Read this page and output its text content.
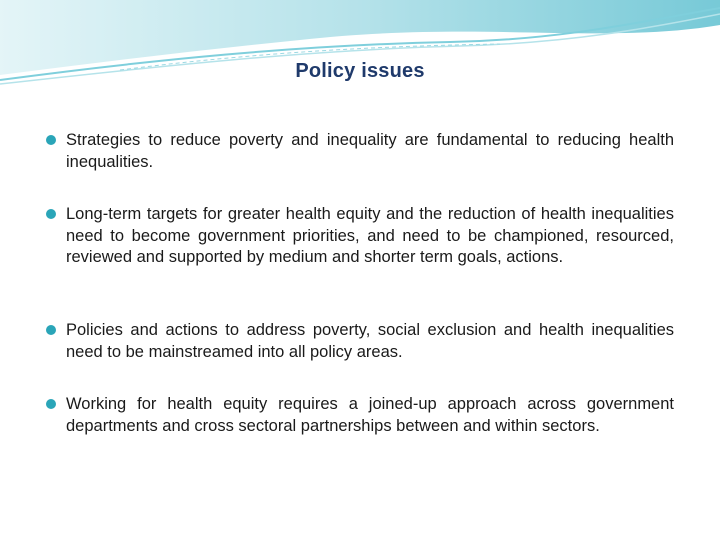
Policy issues
Strategies to reduce poverty and inequality are fundamental to reducing health inequalities.
Long-term targets for greater health equity and the reduction of health inequalities need to become government priorities, and need to be championed, resourced, reviewed and supported by medium and shorter term goals, actions.
Policies and actions to address poverty, social exclusion and health inequalities need to be mainstreamed into all policy areas.
Working for health equity requires a joined-up approach across government departments and cross sectoral partnerships between and within sectors.
